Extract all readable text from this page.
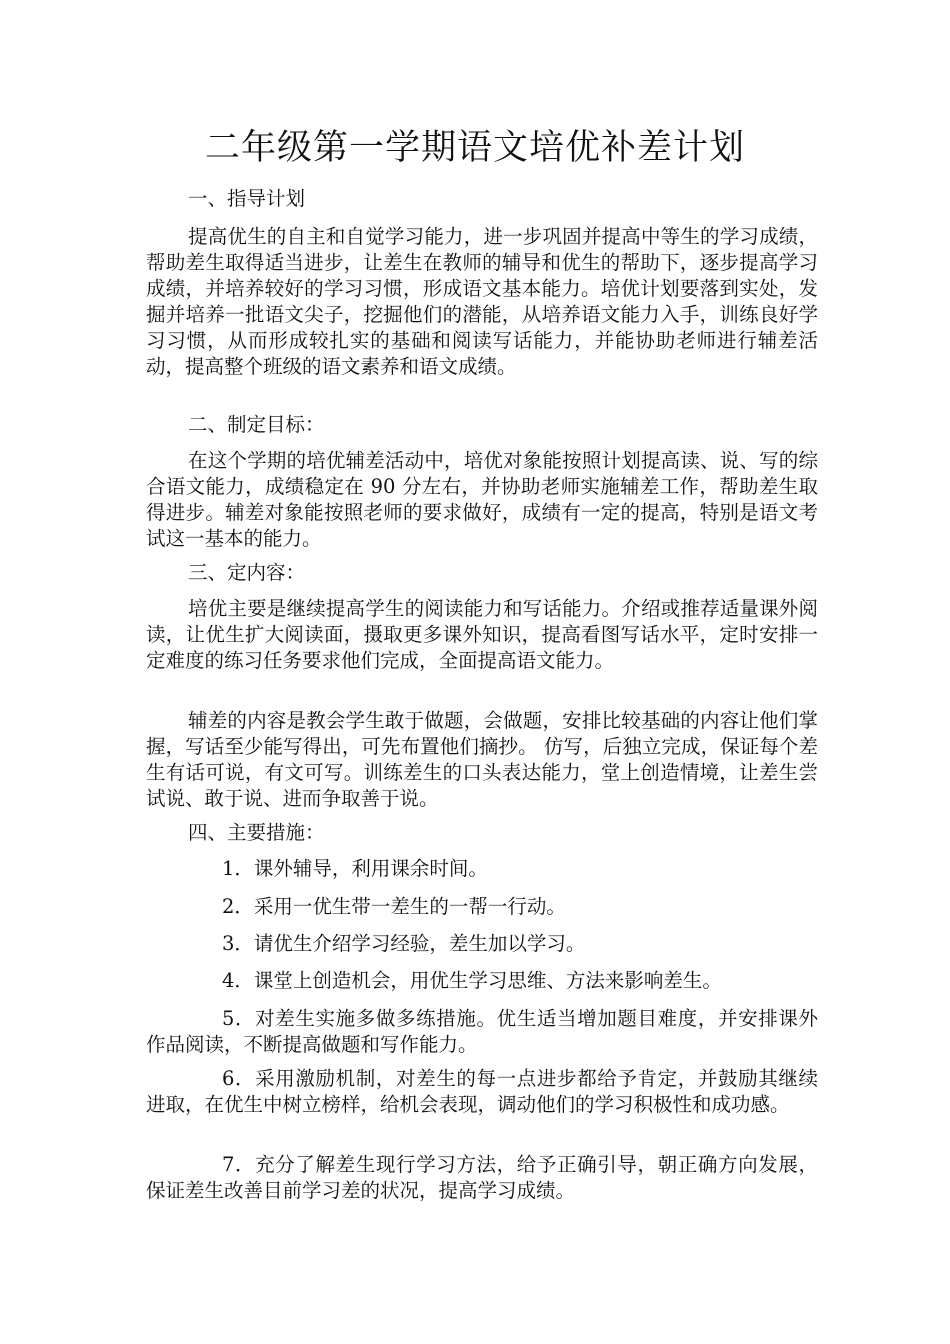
二年级第一学期语文培优补差计划

一、指导计划

提高优生的自主和自觉学习能力，进一步巩固并提高中等生的学习成绩，帮助差生取得适当进步，让差生在教师的辅导和优生的帮助下，逐步提高学习成绩，并培养较好的学习习惯，形成语文基本能力。培优计划要落到实处，发掘并培养一批语文尖子，挖掘他们的潜能，从培养语文能力入手，训练良好学习习惯，从而形成较扎实的基础和阅读写话能力，并能协助老师进行辅差活动，提高整个班级的语文素养和语文成绩。

二、制定目标：

在这个学期的培优辅差活动中，培优对象能按照计划提高读、说、写的综合语文能力，成绩稳定在 90 分左右，并协助老师实施辅差工作，帮助差生取得进步。辅差对象能按照老师的要求做好，成绩有一定的提高，特别是语文考试这一基本的能力。

三、定内容：

培优主要是继续提高学生的阅读能力和写话能力。介绍或推荐适量课外阅读，让优生扩大阅读面，摄取更多课外知识，提高看图写话水平，定时安排一定难度的练习任务要求他们完成，全面提高语文能力。

辅差的内容是教会学生敢于做题，会做题，安排比较基础的内容让他们掌握，写话至少能写得出，可先布置他们摘抄。 仿写，后独立完成，保证每个差生有话可说，有文可写。训练差生的口头表达能力，堂上创造情境，让差生尝试说、敢于说、进而争取善于说。

四、主要措施：

1．课外辅导，利用课余时间。

2．采用一优生带一差生的一帮一行动。

3．请优生介绍学习经验，差生加以学习。

4．课堂上创造机会，用优生学习思维、方法来影响差生。

5．对差生实施多做多练措施。优生适当增加题目难度，并安排课外作品阅读，不断提高做题和写作能力。

6．采用激励机制，对差生的每一点进步都给予肯定，并鼓励其继续进取，在优生中树立榜样，给机会表现，调动他们的学习积极性和成功感。

7．充分了解差生现行学习方法，给予正确引导，朝正确方向发展，保证差生改善目前学习差的状况，提高学习成绩。
